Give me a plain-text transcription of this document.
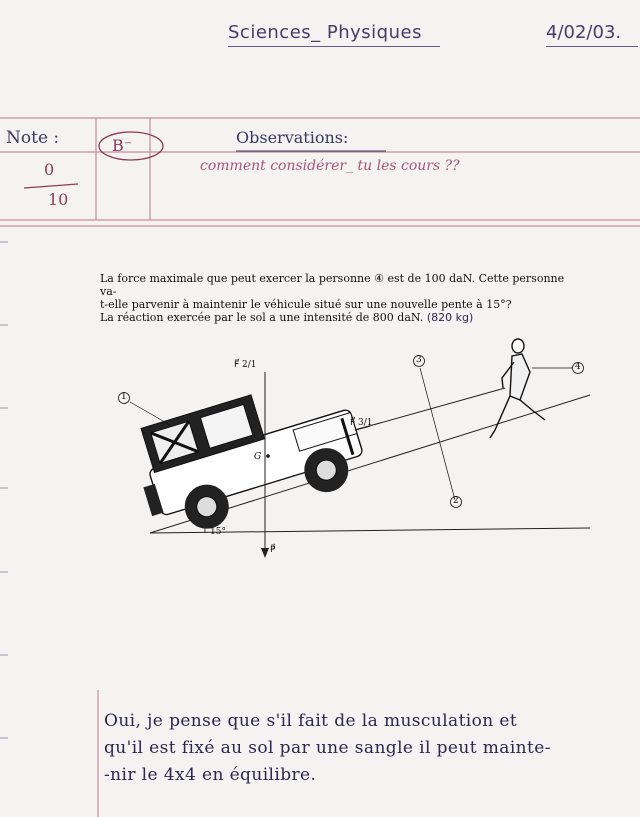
Sciences_ Physiques	4/02/03.
Note :	B⁻
0
10
Observations:
comment considérer_ tu les cours ??

La force maximale que peut exercer la personne ④ est de 100 daN. Cette personne va-

t-elle parvenir à maintenir le véhicule situé sur une nouvelle pente à 15°?

La réaction exercée par le sol a une intensité de 800 daN. (820 kg)

1
3
2
4
F⃗ 2/1
F⃗ 3/1
P⃗
G
15°
Oui, je pense que s'il fait de la musculation et
qu'il est fixé au sol par une sangle il peut mainte-
-nir le 4x4 en équilibre.
